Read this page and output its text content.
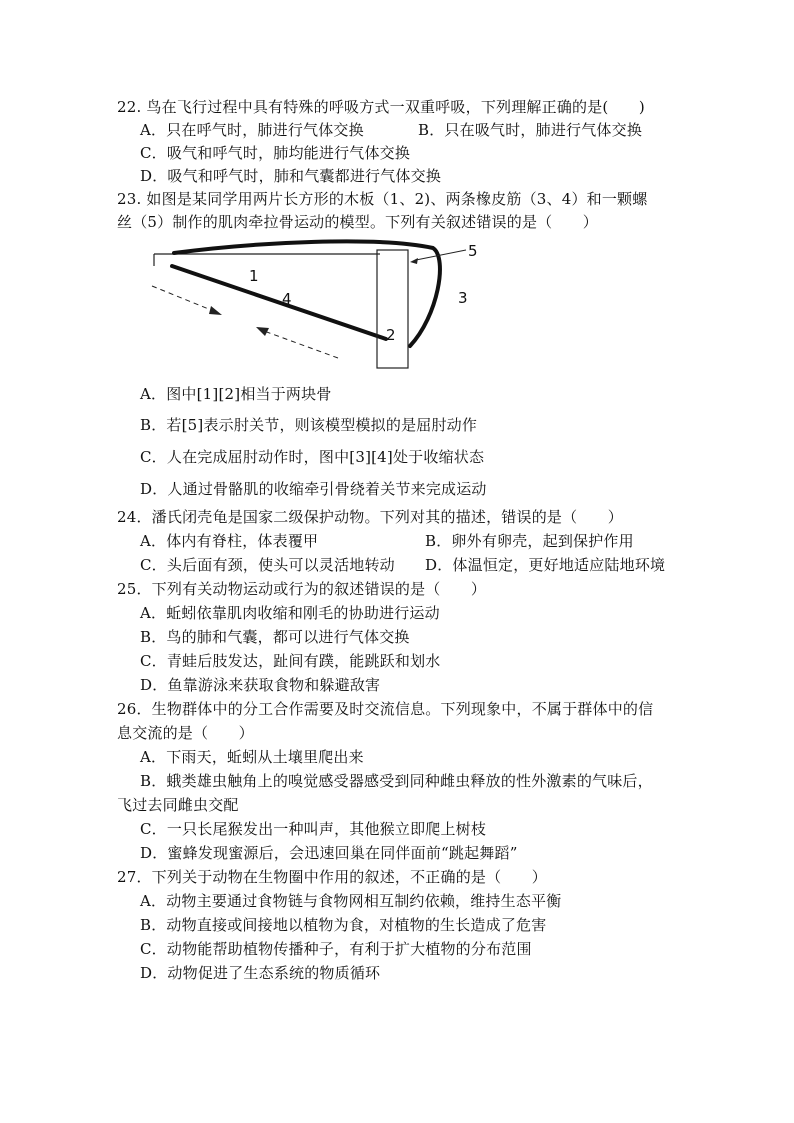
22. 鸟在飞行过程中具有特殊的呼吸方式一双重呼吸，下列理解正确的是(　　)
A．只在呼气时，肺进行气体交换	B．只在吸气时，肺进行气体交换
C．吸气和呼气时，肺均能进行气体交换
D．吸气和呼气时，肺和气囊都进行气体交换
23. 如图是某同学用两片长方形的木板（1、2)、两条橡皮筋（3、4）和一颗螺
丝（5）制作的肌肉牵拉骨运动的模型。下列有关叙述错误的是（　　）
1
2
3
4
5
A．图中[1][2]相当于两块骨
B．若[5]表示肘关节，则该模型模拟的是屈肘动作
C．人在完成屈肘动作时，图中[3][4]处于收缩状态
D．人通过骨骼肌的收缩牵引骨绕着关节来完成运动
24．潘氏闭壳龟是国家二级保护动物。下列对其的描述，错误的是（　　）
A．体内有脊柱，体表覆甲	B．卵外有卵壳，起到保护作用
C．头后面有颈，使头可以灵活地转动 D．体温恒定，更好地适应陆地环境
25．下列有关动物运动或行为的叙述错误的是（　　）
A．蚯蚓依靠肌肉收缩和刚毛的协助进行运动
B．鸟的肺和气囊，都可以进行气体交换
C．青蛙后肢发达，趾间有蹼，能跳跃和划水
D．鱼靠游泳来获取食物和躲避敌害
26．生物群体中的分工合作需要及时交流信息。下列现象中，不属于群体中的信
息交流的是（　　）
A．下雨天，蚯蚓从土壤里爬出来
B．蛾类雄虫触角上的嗅觉感受器感受到同种雌虫释放的性外激素的气味后，
飞过去同雌虫交配
C．一只长尾猴发出一种叫声，其他猴立即爬上树枝
D．蜜蜂发现蜜源后，会迅速回巢在同伴面前“跳起舞蹈”
27．下列关于动物在生物圈中作用的叙述，不正确的是（　　）
A．动物主要通过食物链与食物网相互制约依赖，维持生态平衡
B．动物直接或间接地以植物为食，对植物的生长造成了危害
C．动物能帮助植物传播种子，有利于扩大植物的分布范围
D．动物促进了生态系统的物质循环
